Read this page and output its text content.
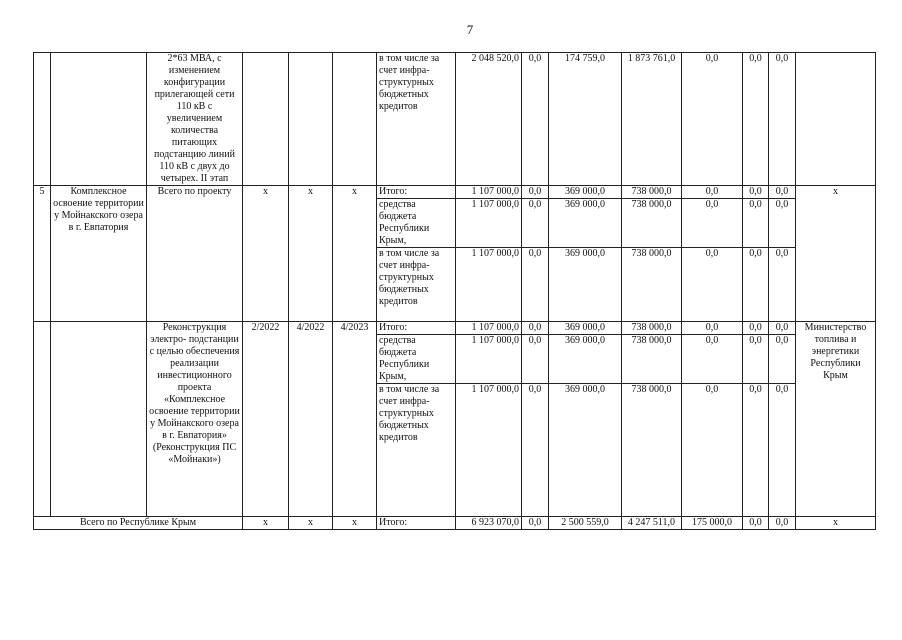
7
		2*63 МВА, с изменением конфигурации прилегающей сети 110 кВ с увеличением количества питающих подстанцию линий 110 кВ с двух до четырех. II этап				в том числе за счет инфра- структурных бюджетных кредитов	2 048 520,0	0,0	174 759,0	1 873 761,0	0,0	0,0	0,0	
5	Комплексное освоение территории у Мойнакского озера в г. Евпатория	Всего по проекту	x	x	x	Итого:	1 107 000,0	0,0	369 000,0	738 000,0	0,0	0,0	0,0	x
						средства бюджета Республики Крым,	1 107 000,0	0,0	369 000,0	738 000,0	0,0	0,0	0,0	
						в том числе за счет инфра- структурных бюджетных кредитов	1 107 000,0	0,0	369 000,0	738 000,0	0,0	0,0	0,0	
		Реконструкция электро- подстанции с целью обеспечения реализации инвестиционного проекта «Комплексное освоение территории у Мойнакского озера в г. Евпатория» (Реконструкция ПС «Мойнаки»)	2/2022	4/2022	4/2023	Итого:	1 107 000,0	0,0	369 000,0	738 000,0	0,0	0,0	0,0	Министерство топлива и энергетики Республики Крым
						средства бюджета Республики Крым,	1 107 000,0	0,0	369 000,0	738 000,0	0,0	0,0	0,0	
						в том числе за счет инфра- структурных бюджетных кредитов	1 107 000,0	0,0	369 000,0	738 000,0	0,0	0,0	0,0	
Всего по Республике Крым			x	x	x	Итого:	6 923 070,0	0,0	2 500 559,0	4 247 511,0	175 000,0	0,0	0,0	x
